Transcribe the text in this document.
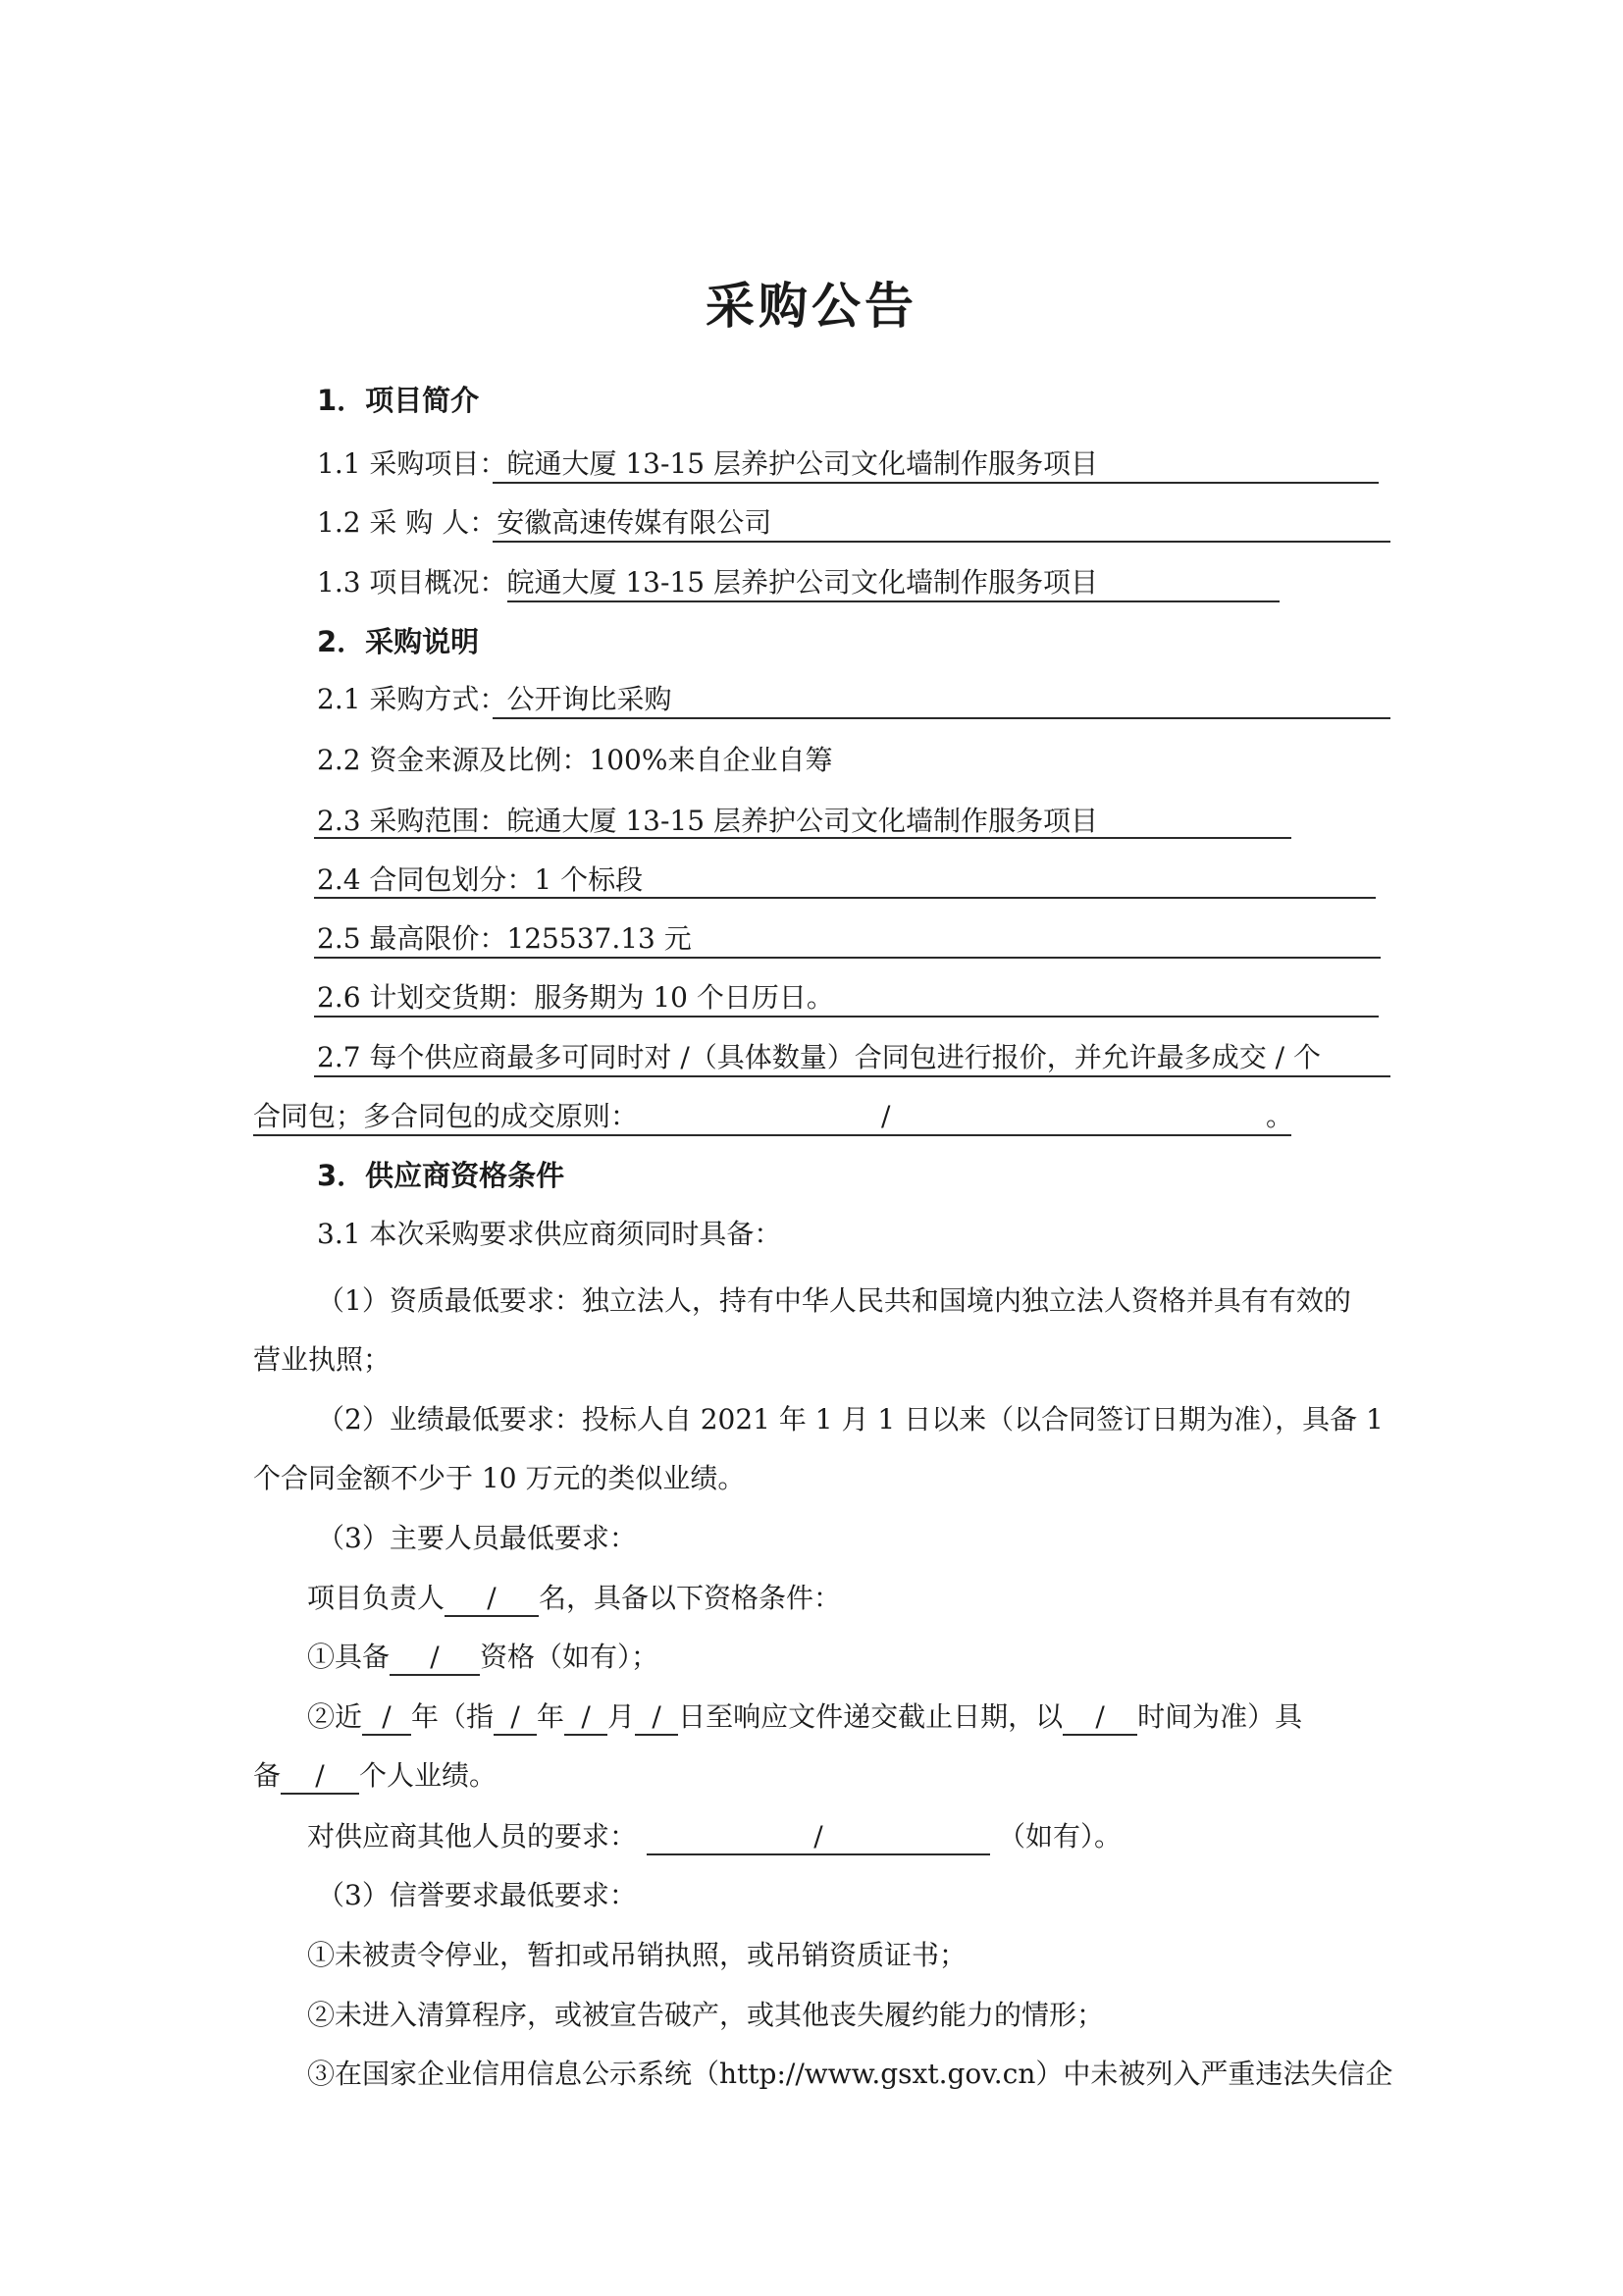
采购公告
1．项目简介
1.1 采购项目：皖通大厦 13-15 层养护公司文化墙制作服务项目
1.2 采 购 人：安徽高速传媒有限公司
1.3 项目概况：皖通大厦 13-15 层养护公司文化墙制作服务项目
2．采购说明
2.1 采购方式：公开询比采购
2.2 资金来源及比例：100%来自企业自筹
2.3 采购范围：皖通大厦 13-15 层养护公司文化墙制作服务项目
2.4 合同包划分：1 个标段
2.5 最高限价：125537.13 元
2.6 计划交货期：服务期为 10 个日历日。
2.7 每个供应商最多可同时对 /（具体数量）合同包进行报价，并允许最多成交 / 个
合同包；多合同包的成交原则：	/	。
3．供应商资格条件
3.1 本次采购要求供应商须同时具备：
（1）资质最低要求：独立法人，持有中华人民共和国境内独立法人资格并具有有效的
营业执照；
（2）业绩最低要求：投标人自 2021 年 1 月 1 日以来（以合同签订日期为准），具备 1
个合同金额不少于 10 万元的类似业绩。
（3）主要人员最低要求：
项目负责人 / 名，具备以下资格条件：
①具备 / 资格（如有）；
②近 / 年（指 / 年 / 月 / 日至响应文件递交截止日期，以 / 时间为准）具
备 / 个人业绩。
对供应商其他人员的要求：	/	（如有）。
（3）信誉要求最低要求：
①未被责令停业，暂扣或吊销执照，或吊销资质证书；
②未进入清算程序，或被宣告破产，或其他丧失履约能力的情形；
③在国家企业信用信息公示系统（http://www.gsxt.gov.cn）中未被列入严重违法失信企
